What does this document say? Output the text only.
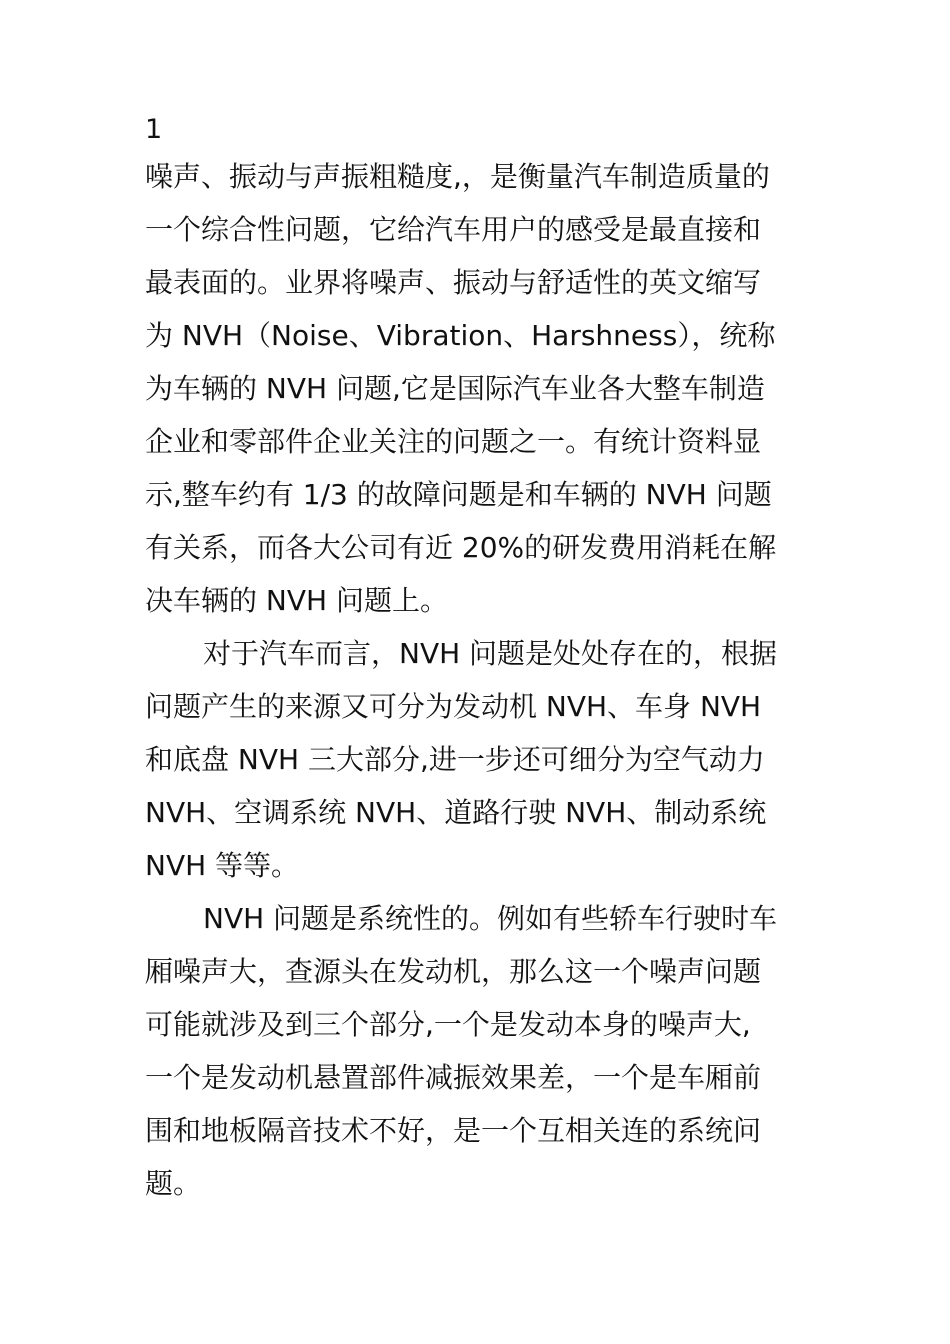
1
噪声、振动与声振粗糙度,，是衡量汽车制造质量的
一个综合性问题，它给汽车用户的感受是最直接和
最表面的。业界将噪声、振动与舒适性的英文缩写
为 NVH（Noise、Vibration、Harshness），统称
为车辆的 NVH 问题,它是国际汽车业各大整车制造
企业和零部件企业关注的问题之一。有统计资料显
示,整车约有 1/3 的故障问题是和车辆的 NVH 问题
有关系，而各大公司有近 20%的研发费用消耗在解
决车辆的 NVH 问题上。
对于汽车而言，NVH 问题是处处存在的，根据
问题产生的来源又可分为发动机 NVH、车身 NVH
和底盘 NVH 三大部分,进一步还可细分为空气动力
NVH、空调系统 NVH、道路行驶 NVH、制动系统
NVH 等等。
NVH 问题是系统性的。例如有些轿车行驶时车
厢噪声大，查源头在发动机，那么这一个噪声问题
可能就涉及到三个部分,一个是发动本身的噪声大,
一个是发动机悬置部件减振效果差，一个是车厢前
围和地板隔音技术不好，是一个互相关连的系统问
题。
